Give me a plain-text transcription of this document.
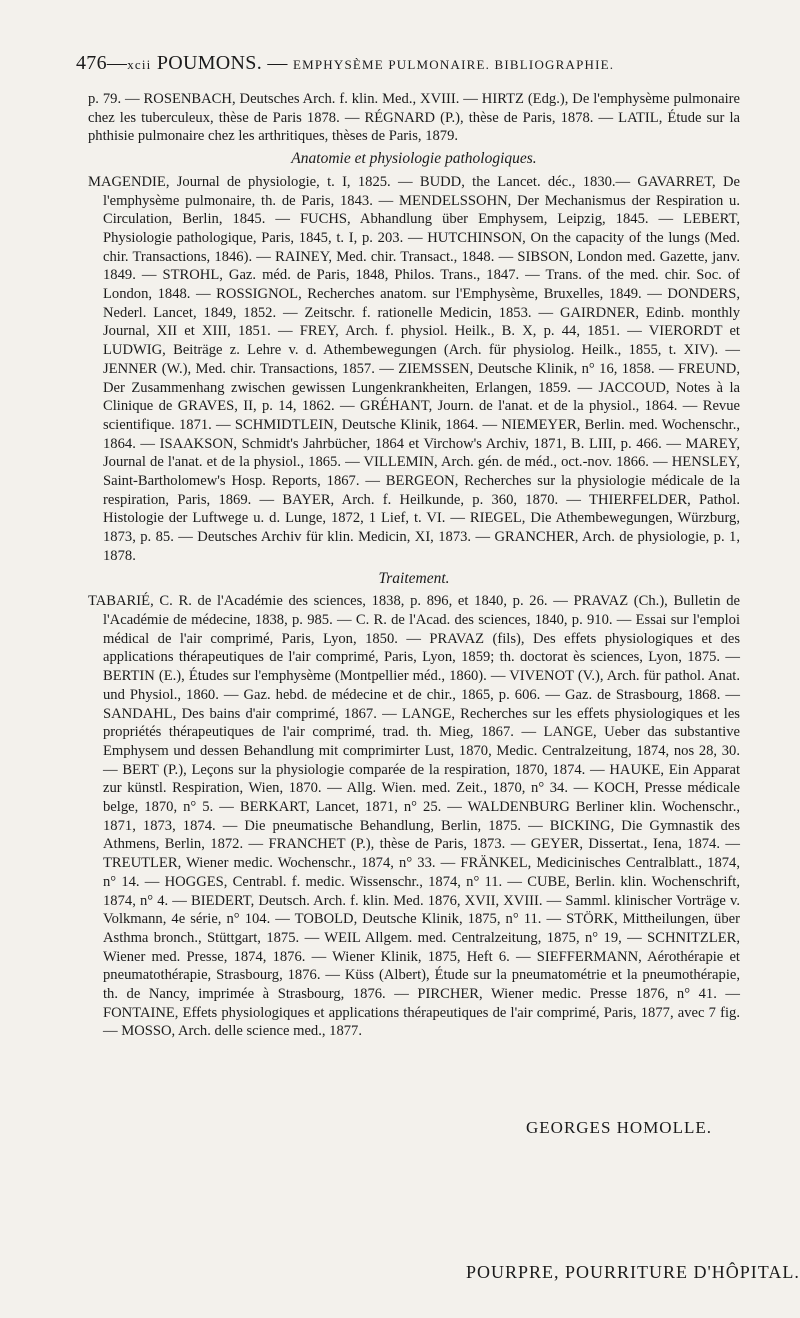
476—xcii POUMONS. — EMPHYSÈME PULMONAIRE. BIBLIOGRAPHIE.

p. 79. — ROSENBACH, Deutsches Arch. f. klin. Med., XVIII. — HIRTZ (Edg.), De l'emphysème pulmonaire chez les tuberculeux, thèse de Paris 1878. — RÉGNARD (P.), thèse de Paris, 1878. — LATIL, Étude sur la phthisie pulmonaire chez les arthritiques, thèses de Paris, 1879.

Anatomie et physiologie pathologiques.

MAGENDIE, Journal de physiologie, t. I, 1825. — BUDD, the Lancet. déc., 1830.— GAVARRET, De l'emphysème pulmonaire, th. de Paris, 1843. — MENDELSSOHN, Der Mechanismus der Respiration u. Circulation, Berlin, 1845. — FUCHS, Abhandlung über Emphysem, Leipzig, 1845. — LEBERT, Physiologie pathologique, Paris, 1845, t. I, p. 203. — HUTCHINSON, On the capacity of the lungs (Med. chir. Transactions, 1846). — RAINEY, Med. chir. Transact., 1848. — SIBSON, London med. Gazette, janv. 1849. — STROHL, Gaz. méd. de Paris, 1848, Philos. Trans., 1847. — Trans. of the med. chir. Soc. of London, 1848. — ROSSIGNOL, Recherches anatom. sur l'Emphysème, Bruxelles, 1849. — DONDERS, Nederl. Lancet, 1849, 1852. — Zeitschr. f. rationelle Medicin, 1853. — GAIRDNER, Edinb. monthly Journal, XII et XIII, 1851. — FREY, Arch. f. physiol. Heilk., B. X, p. 44, 1851. — VIERORDT et LUDWIG, Beiträge z. Lehre v. d. Athembewegungen (Arch. für physiolog. Heilk., 1855, t. XIV). — JENNER (W.), Med. chir. Transactions, 1857. — ZIEMSSEN, Deutsche Klinik, n° 16, 1858. — FREUND, Der Zusammenhang zwischen gewissen Lungenkrankheiten, Erlangen, 1859. — JACCOUD, Notes à la Clinique de GRAVES, II, p. 14, 1862. — GRÉHANT, Journ. de l'anat. et de la physiol., 1864. — Revue scientifique. 1871. — SCHMIDTLEIN, Deutsche Klinik, 1864. — NIEMEYER, Berlin. med. Wochenschr., 1864. — ISAAKSON, Schmidt's Jahrbücher, 1864 et Virchow's Archiv, 1871, B. LIII, p. 466. — MAREY, Journal de l'anat. et de la physiol., 1865. — VILLEMIN, Arch. gén. de méd., oct.-nov. 1866. — HENSLEY, Saint-Bartholomew's Hosp. Reports, 1867. — BERGEON, Recherches sur la physiologie médicale de la respiration, Paris, 1869. — BAYER, Arch. f. Heilkunde, p. 360, 1870. — THIERFELDER, Pathol. Histologie der Luftwege u. d. Lunge, 1872, 1 Lief, t. VI. — RIEGEL, Die Athembewegungen, Würzburg, 1873, p. 85. — Deutsches Archiv für klin. Medicin, XI, 1873. — GRANCHER, Arch. de physiologie, p. 1, 1878.

Traitement.

TABARIÉ, C. R. de l'Académie des sciences, 1838, p. 896, et 1840, p. 26. — PRAVAZ (Ch.), Bulletin de l'Académie de médecine, 1838, p. 985. — C. R. de l'Acad. des sciences, 1840, p. 910. — Essai sur l'emploi médical de l'air comprimé, Paris, Lyon, 1850. — PRAVAZ (fils), Des effets physiologiques et des applications thérapeutiques de l'air comprimé, Paris, Lyon, 1859; th. doctorat ès sciences, Lyon, 1875. — BERTIN (E.), Études sur l'emphysème (Montpellier méd., 1860). — VIVENOT (V.), Arch. für pathol. Anat. und Physiol., 1860. — Gaz. hebd. de médecine et de chir., 1865, p. 606. — Gaz. de Strasbourg, 1868. — SANDAHL, Des bains d'air comprimé, 1867. — LANGE, Recherches sur les effets physiologiques et les propriétés thérapeutiques de l'air comprimé, trad. th. Mieg, 1867. — LANGE, Ueber das substantive Emphysem und dessen Behandlung mit comprimirter Lust, 1870, Medic. Centralzeitung, 1874, nos 28, 30. — BERT (P.), Leçons sur la physiologie comparée de la respiration, 1870, 1874. — HAUKE, Ein Apparat zur künstl. Respiration, Wien, 1870. — Allg. Wien. med. Zeit., 1870, n° 34. — KOCH, Presse médicale belge, 1870, n° 5. — BERKART, Lancet, 1871, n° 25. — WALDENBURG Berliner klin. Wochenschr., 1871, 1873, 1874. — Die pneumatische Behandlung, Berlin, 1875. — BICKING, Die Gymnastik des Athmens, Berlin, 1872. — FRANCHET (P.), thèse de Paris, 1873. — GEYER, Dissertat., Iena, 1874. — TREUTLER, Wiener medic. Wochenschr., 1874, n° 33. — FRÄNKEL, Medicinisches Centralblatt., 1874, n° 14. — HOGGES, Centrabl. f. medic. Wissenschr., 1874, n° 11. — CUBE, Berlin. klin. Wochenschrift, 1874, n° 4. — BIEDERT, Deutsch. Arch. f. klin. Med. 1876, XVII, XVIII. — Samml. klinischer Vorträge v. Volkmann, 4e série, n° 104. — TOBOLD, Deutsche Klinik, 1875, n° 11. — STÖRK, Mittheilungen, über Asthma bronch., Stüttgart, 1875. — WEIL Allgem. med. Centralzeitung, 1875, n° 19, — SCHNITZLER, Wiener med. Presse, 1874, 1876. — Wiener Klinik, 1875, Heft 6. — SIEFFERMANN, Aérothérapie et pneumatothérapie, Strasbourg, 1876. — Küss (Albert), Étude sur la pneumatométrie et la pneumothérapie, th. de Nancy, imprimée à Strasbourg, 1876. — PIRCHER, Wiener medic. Presse 1876, n° 41. — FONTAINE, Effets physiologiques et applications thérapeutiques de l'air comprimé, Paris, 1877, avec 7 fig. — MOSSO, Arch. delle science med., 1877.

GEORGES HOMOLLE.
POURPRE, POURRITURE D'HÔPITAL.
